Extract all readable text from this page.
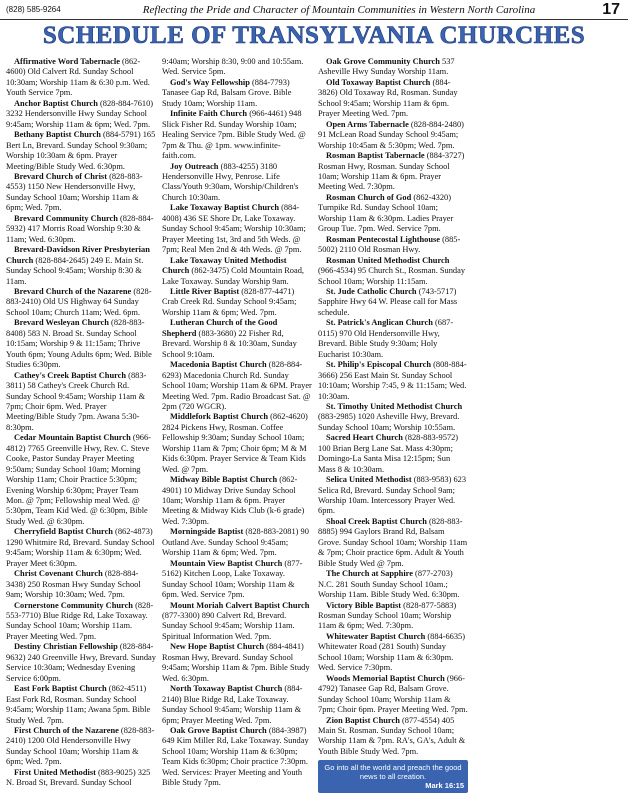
(828) 585-9264	Reflecting the Pride and Character of Mountain Communities in Western North Carolina	17
SCHEDULE OF TRANSYLVANIA CHURCHES
Affirmative Word Tabernacle (862-4600) Old Calvert Rd. Sunday School 10:30am; Worship 11am & 6:30 p.m. Wed. Youth Service 7pm.
Anchor Baptist Church (828-884-7610) 3232 Hendersonville Hwy Sunday School 9:45am; Worship 11am & 6pm; Wed. 7pm.
Bethany Baptist Church (884-5791) 165 Bert Ln, Brevard. Sunday School 9:30am; Worship 10:30am & 6pm. Prayer Meeting/Bible Study Wed. 6:30pm.
Brevard Church of Christ (828-883-4553) 1150 New Hendersonville Hwy, Sunday School 10am; Worship 11am & 6pm; Wed. 7pm.
Brevard Community Church (828-884-5932) 417 Morris Road Worship 9:30 & 11am; Wed. 6:30pm.
Brevard-Davidson River Presbyterian Church (828-884-2645) 249 E. Main St. Sunday School 9:45am; Worship 8:30 & 11am.
Brevard Church of the Nazarene (828-883-2410) Old US Highway 64 Sunday School 10am; Church 11am; Wed. 6pm.
Brevard Wesleyan Church (828-883-8408) 583 N. Broad St. Sunday School 10:15am; Worship 9 & 11:15am; Thrive Youth 6pm; Young Adults 6pm; Wed. Bible Studies 6:30pm.
Cathey's Creek Baptist Church (883-3811) 58 Cathey's Creek Church Rd. Sunday School 9:45am; Worship 11am & 7pm; Choir 6pm. Wed. Prayer Meeting/Bible Study 7pm. Awana 5:30-8:30pm.
Cedar Mountain Baptist Church (966-4812) 7765 Greenville Hwy, Rev. C. Steve Cooke, Pastor Sunday Prayer Meeting 9:50am; Sunday School 10am; Morning Worship 11am; Choir Practice 5:30pm; Evening Worship 6:30pm; Prayer Team Mon. @ 7pm; Fellowship meal Wed. @ 5:30pm, Team Kid Wed. @ 6:30pm, Bible Study Wed. @ 6:30pm.
Cherryfield Baptist Church (862-4873) 1290 Whitmire Rd, Brevard. Sunday School 9:45am; Worship 11am & 6:30pm; Wed. Prayer Meet 6:30pm.
Christ Covenant Church (828-884-3438) 250 Rosman Hwy Sunday School 9am; Worship 10:30am; Wed. 7pm.
Cornerstone Community Church (828-553-7710) Blue Ridge Rd, Lake Toxaway. Sunday School 10am; Worship 11am. Prayer Meeting Wed. 7pm.
Destiny Christian Fellowship (828-884-9632) 240 Greenville Hwy, Brevard. Sunday Service 10:30am; Wednesday Evening Service 6:00pm.
East Fork Baptist Church (862-4511) East Fork Rd, Rosman. Sunday School 9:45am; Worship 11am; Awana 5pm. Bible Study Wed. 7pm.
First Church of the Nazarene (828-883-2410) 1200 Old Hendersonville Hwy Sunday School 10am; Worship 11am & 6pm; Wed. 7pm.
First United Methodist (883-9025) 325 N. Broad St, Brevard. Sunday School 9:40am; Worship 8:30, 9:00 and 10:55am. Wed. Service 5pm.
God's Way Fellowship (884-7793) Tanasee Gap Rd, Balsam Grove. Bible Study 10am; Worship 11am.
Infinite Faith Church (966-4461) 948 Slick Fisher Rd. Sunday Worship 10am; Healing Service 7pm. Bible Study Wed. @ 7pm & Thu. @ 1pm. www.infinite-faith.com.
Joy Outreach (883-4255) 3180 Hendersonville Hwy, Penrose. Life Class/Youth 9:30am, Worship/Children's Church 10:30am.
Lake Toxaway Baptist Church (884-4008) 436 SE Shore Dr, Lake Toxaway. Sunday School 9:45am; Worship 10:30am; Prayer Meeting 1st, 3rd and 5th Weds. @ 7pm; Real Men 2nd & 4th Weds. @ 7pm.
Lake Toxaway United Methodist Church (862-3475) Cold Mountain Road, Lake Toxaway. Sunday Worship 9am.
Little River Baptist (828-877-4471) Crab Creek Rd. Sunday School 9:45am; Worship 11am & 6pm; Wed. 7pm.
Lutheran Church of the Good Shepherd (883-3680) 22 Fisher Rd, Brevard. Worship 8 & 10:30am, Sunday School 9:10am.
Macedonia Baptist Church (828-884-6293) Macedonia Church Rd. Sunday School 10am; Worship 11am & 6PM. Prayer Meeting Wed. 7pm. Radio Broadcast Sat. @ 2pm (720 WGCR).
Middlefork Baptist Church (862-4620) 2824 Pickens Hwy, Rosman. Coffee Fellowship 9:30am; Sunday School 10am; Worship 11am & 7pm; Choir 6pm; M & M Kids 6:30pm. Prayer Service & Team Kids Wed. @ 7pm.
Midway Bible Baptist Church (862-4901) 10 Midway Drive Sunday School 10am; Worship 11am & 6pm. Prayer Meeting & Midway Kids Club (k-6 grade) Wed. 7:30pm.
Morningside Baptist (828-883-2081) 90 Outland Ave. Sunday School 9:45am; Worship 11am & 6pm; Wed. 7pm.
Mountain View Baptist Church (877-5162) Kitchen Loop, Lake Toxaway. Sunday School 10am; Worship 11am & 6pm. Wed. Service 7pm.
Mount Moriah Calvert Baptist Church (877-3300) 890 Calvert Rd, Brevard. Sunday School 9:45am; Worship 11am. Spiritual Information Wed. 7pm.
New Hope Baptist Church (884-4841) Rosman Hwy, Brevard. Sunday School 9:45am; Worship 11am & 7pm. Bible Study Wed. 6:30pm.
North Toxaway Baptist Church (884-2140) Blue Ridge Rd, Lake Toxaway. Sunday School 9:45am; Worship 11am & 6pm; Prayer Meeting Wed. 7pm.
Oak Grove Baptist Church (884-3987) 649 Kim Miller Rd, Lake Toxaway. Sunday School 10am; Worship 11am & 6:30pm; Team Kids 6:30pm; Choir practice 7:30pm. Wed. Services: Prayer Meeting and Youth Bible Study 7pm.
Oak Grove Community Church 537 Asheville Hwy Sunday Worship 11am.
Old Toxaway Baptist Church (884-3826) Old Toxaway Rd, Rosman. Sunday School 9:45am; Worship 11am & 6pm. Prayer Meeting Wed. 7pm.
Open Arms Tabernacle (828-884-2480) 91 McLean Road Sunday School 9:45am; Worship 10:45am & 5:30pm; Wed. 7pm.
Rosman Baptist Tabernacle (884-3727) Rosman Hwy, Rosman. Sunday School 10am; Worship 11am & 6pm. Prayer Meeting Wed. 7:30pm.
Rosman Church of God (862-4320) Turnpike Rd. Sunday School 10am; Worship 11am & 6:30pm. Ladies Prayer Group Tue. 7pm. Wed. Service 7pm.
Rosman Pentecostal Lighthouse (885-5002) 2110 Old Rosman Hwy.
Rosman United Methodist Church (966-4534) 95 Church St., Rosman. Sunday School 10am; Worship 11:15am.
St. Jude Catholic Church (743-5717) Sapphire Hwy 64 W. Please call for Mass schedule.
St. Patrick's Anglican Church (687-0115) 970 Old Hendersonville Hwy, Brevard. Bible Study 9:30am; Holy Eucharist 10:30am.
St. Philip's Episcopal Church (808-884-3666) 256 East Main St. Sunday School 10:10am; Worship 7:45, 9 & 11:15am; Wed. 10:30am.
St. Timothy United Methodist Church (883-2985) 1020 Asheville Hwy, Brevard. Sunday School 10am; Worship 10:55am.
Sacred Heart Church (828-883-9572) 100 Brian Berg Lane Sat. Mass 4:30pm; Domingo-La Santa Misa 12:15pm; Sun Mass 8 & 10:30am.
Selica United Methodist (883-9583) 623 Selica Rd, Brevard. Sunday School 9am; Worship 10am. Intercessory Prayer Wed. 6pm.
Shoal Creek Baptist Church (828-883-8885) 994 Gaylors Brand Rd, Balsam Grove. Sunday School 10am; Worship 11am & 7pm; Choir practice 6pm. Adult & Youth Bible Study Wed @ 7pm.
The Church at Sapphire (877-2703) N.C. 281 South Sunday School 10am.; Worship 11am. Bible Study Wed. 6:30pm.
Victory Bible Baptist (828-877-5883) Rosman Sunday School 10am; Worship 11am & 6pm; Wed. 7:30pm.
Whitewater Baptist Church (884-6635) Whitewater Road (281 South) Sunday School 10am; Worship 11am & 6:30pm. Wed. Service 7:30pm.
Woods Memorial Baptist Church (966-4792) Tanasee Gap Rd, Balsam Grove. Sunday School 10am; Worship 11am & 7pm; Choir 6pm. Prayer Meeting Wed. 7pm.
Zion Baptist Church (877-4554) 405 Main St. Rosman. Sunday School 10am; Worship 11am & 7pm. RA's, GA's, Adult & Youth Bible Study Wed. 7pm.
Go into all the world and preach the good news to all creation.
Mark 16:15
